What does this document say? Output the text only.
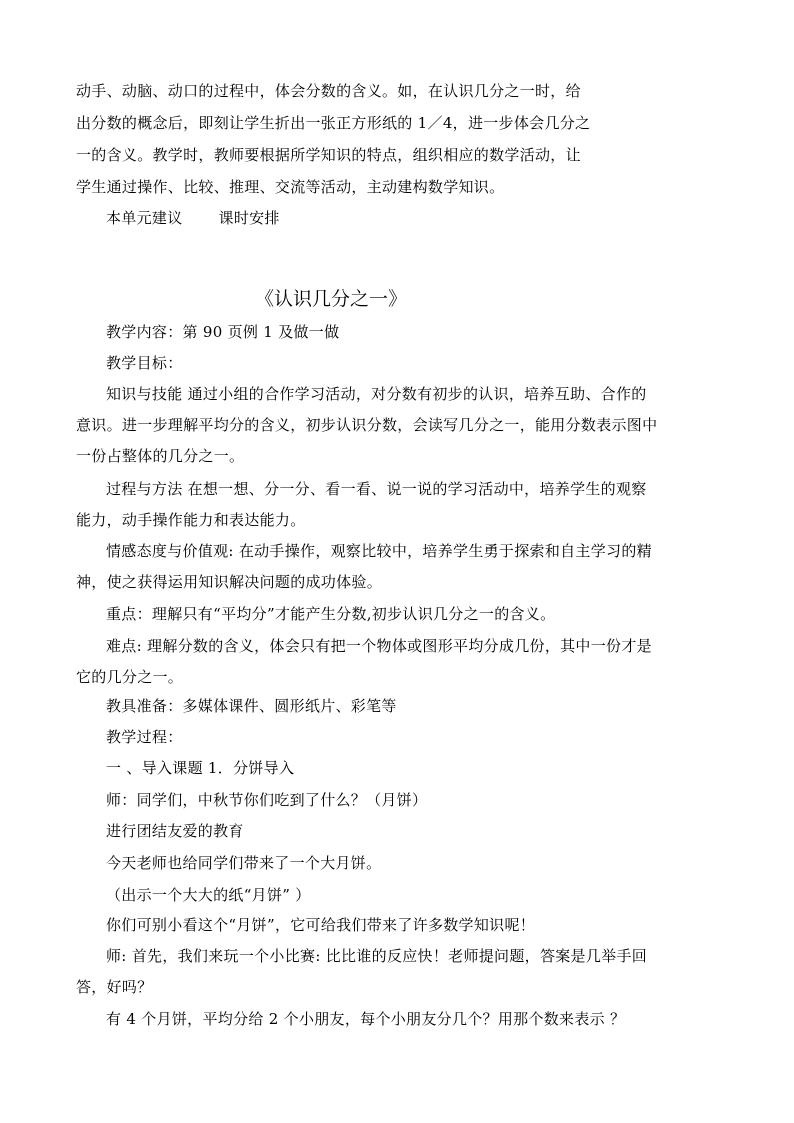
动手、动脑、动口的过程中，体会分数的含义。如，在认识几分之一时，给
出分数的概念后，即刻让学生折出一张正方形纸的 1／4，进一步体会几分之
一的含义。教学时，教师要根据所学知识的特点，组织相应的数学活动，让
学生通过操作、比较、推理、交流等活动，主动建构数学知识。
本单元建议 课时安排
《认识几分之一》
教学内容：第 90 页例 1 及做一做
教学目标：
知识与技能 通过小组的合作学习活动，对分数有初步的认识，培养互助、合作的
意识。进一步理解平均分的含义，初步认识分数，会读写几分之一，能用分数表示图中
一份占整体的几分之一。
过程与方法 在想一想、分一分、看一看、说一说的学习活动中，培养学生的观察
能力，动手操作能力和表达能力。
情感态度与价值观: 在动手操作，观察比较中，培养学生勇于探索和自主学习的精
神，使之获得运用知识解决问题的成功体验。
重点：理解只有“平均分”才能产生分数,初步认识几分之一的含义。
难点: 理解分数的含义，体会只有把一个物体或图形平均分成几份，其中一份才是
它的几分之一。
教具准备：多媒体课件、圆形纸片、彩笔等
教学过程：
一 、导入课题 1．分饼导入
师：同学们，中秋节你们吃到了什么？（月饼）
进行团结友爱的教育
今天老师也给同学们带来了一个大月饼。
（出示一个大大的纸“月饼” ）
你们可别小看这个“月饼”，它可给我们带来了许多数学知识呢！
师: 首先，我们来玩一个小比赛: 比比谁的反应快！老师提问题，答案是几举手回
答，好吗？
有 4 个月饼，平均分给 2 个小朋友，每个小朋友分几个？用那个数来表示 ？
